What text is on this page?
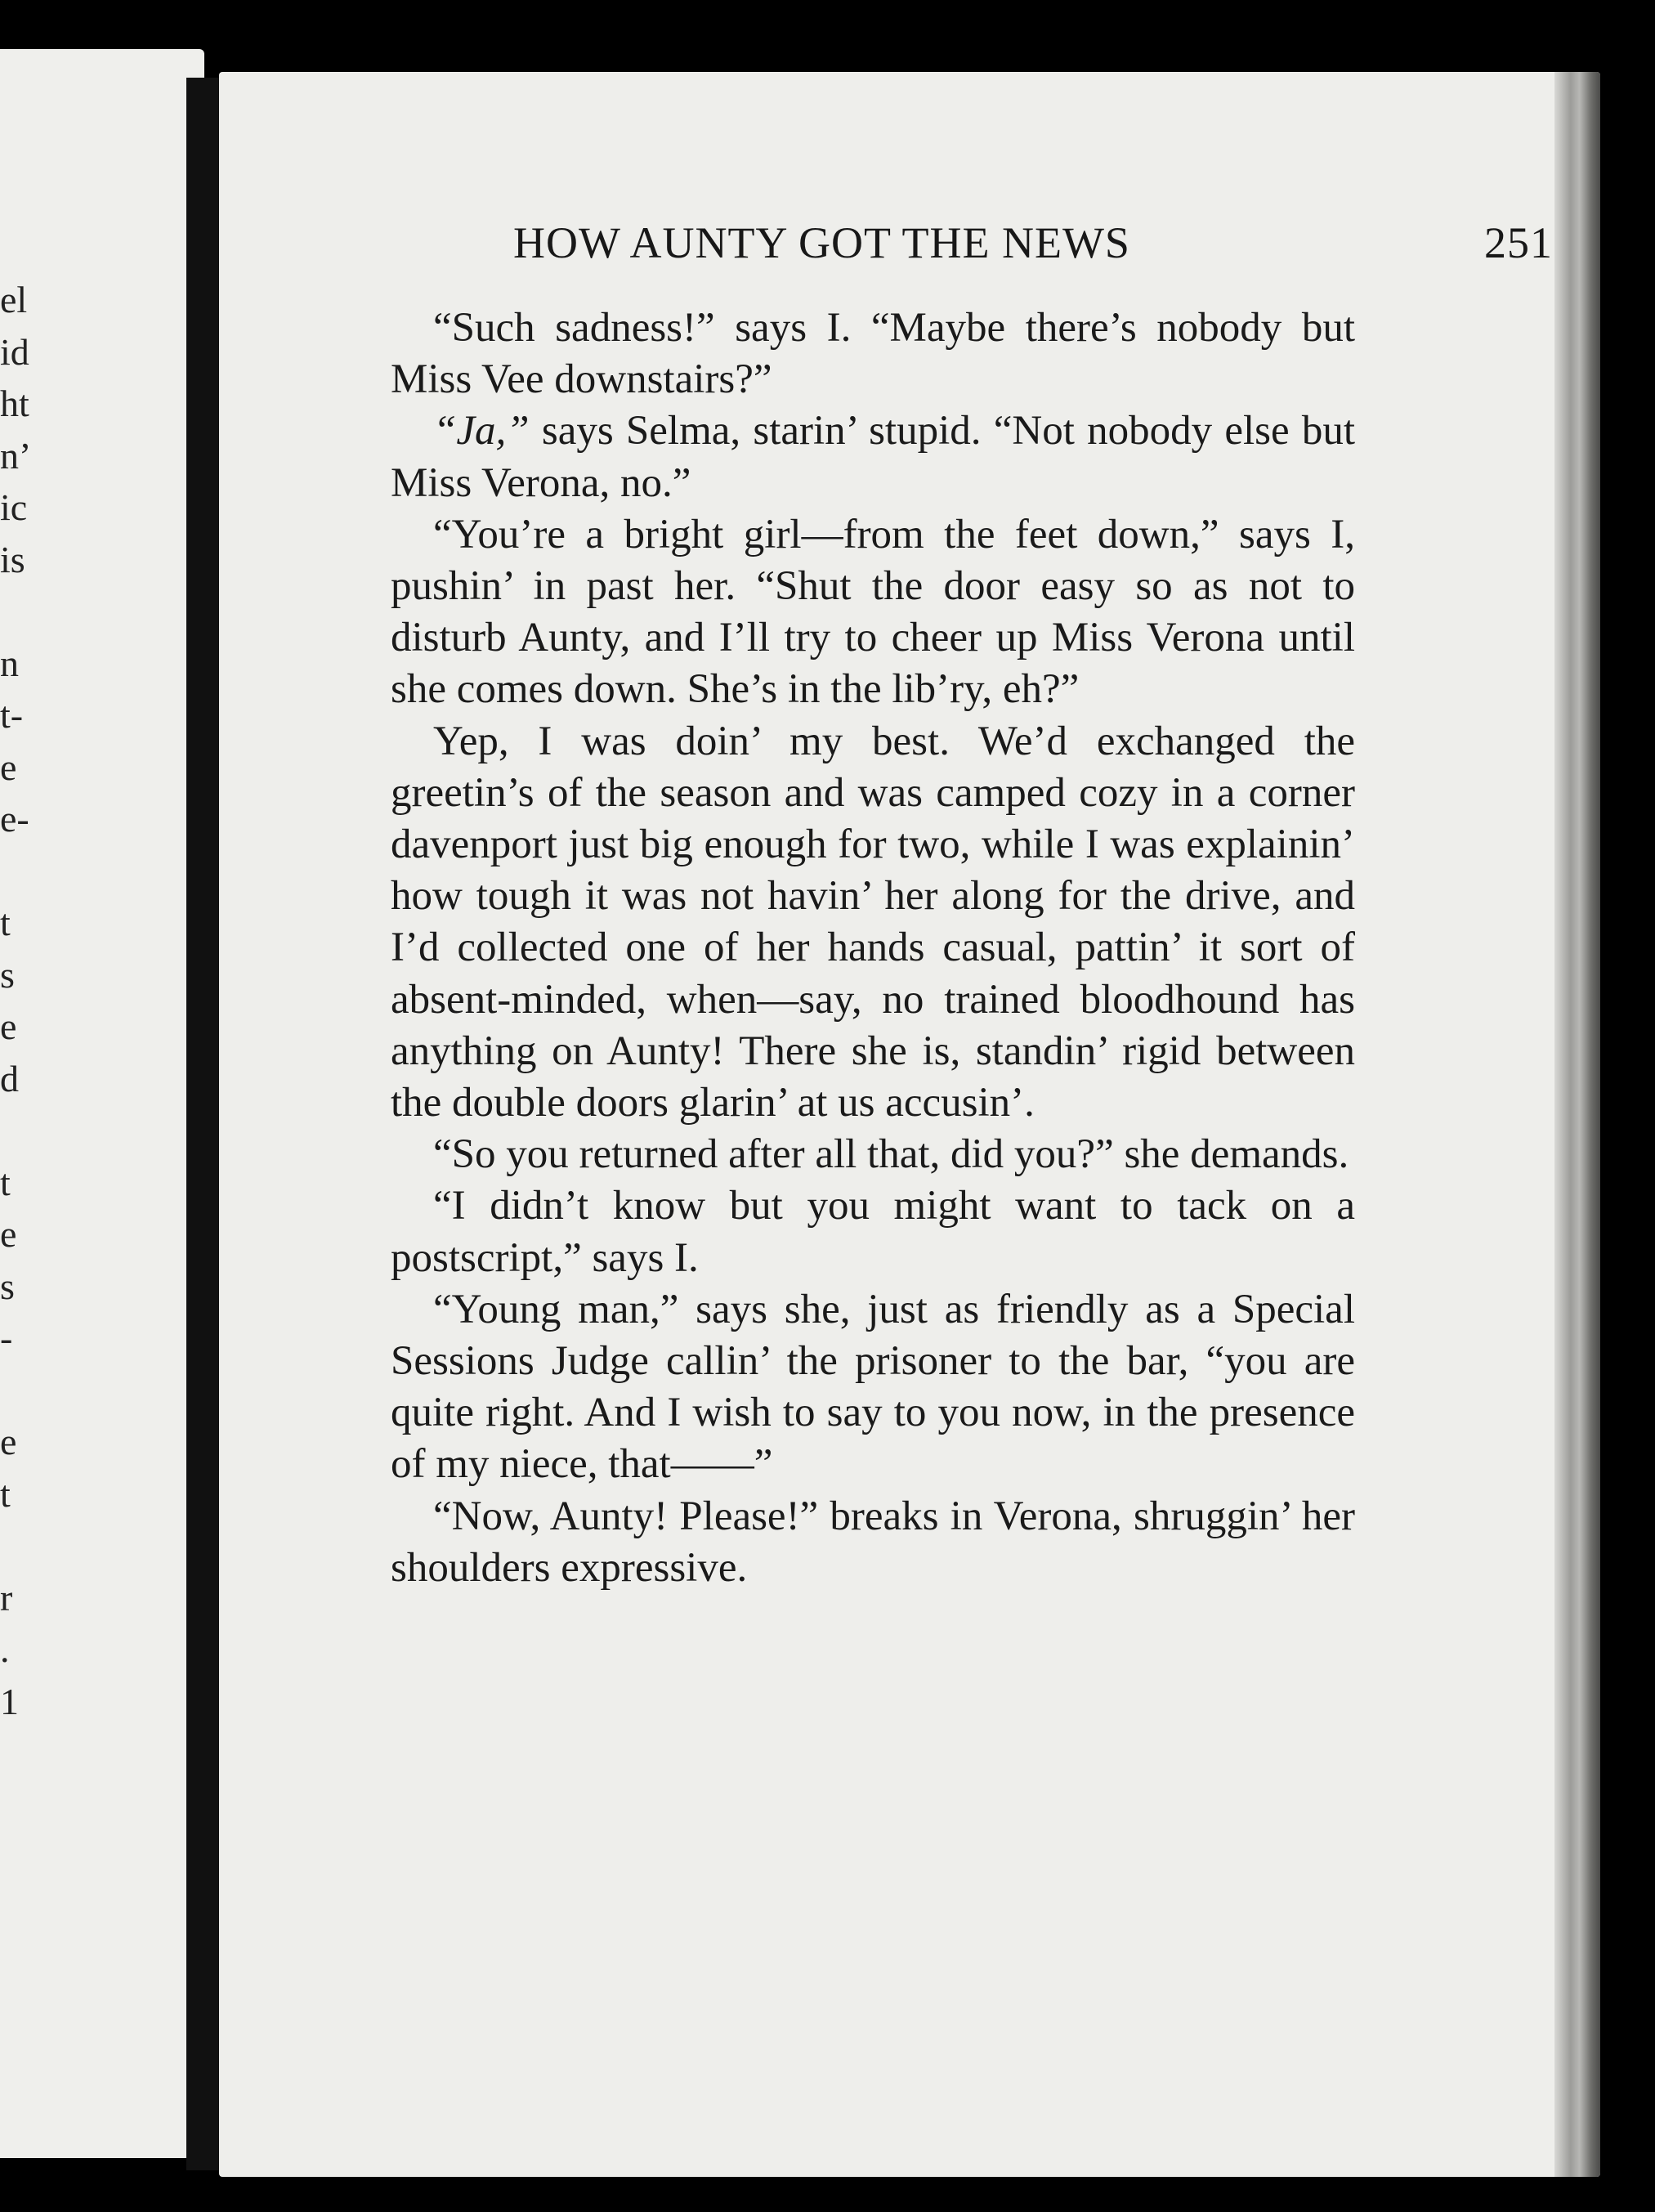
el
id
ht
n’
ic
is
n
t-
e
e-
t
s
e
d
t
e
s
-
e
t
r
.
1
HOW AUNTY GOT THE NEWS	251

“Such sadness!” says I. “Maybe there’s nobody but Miss Vee downstairs?”

“Ja,” says Selma, starin’ stupid. “Not nobody else but Miss Verona, no.”

“You’re a bright girl—from the feet down,” says I, pushin’ in past her. “Shut the door easy so as not to disturb Aunty, and I’ll try to cheer up Miss Verona until she comes down. She’s in the lib’ry, eh?”

Yep, I was doin’ my best. We’d exchanged the greetin’s of the season and was camped cozy in a corner davenport just big enough for two, while I was explainin’ how tough it was not havin’ her along for the drive, and I’d collected one of her hands casual, pattin’ it sort of absent-minded, when—say, no trained bloodhound has anything on Aunty! There she is, standin’ rigid between the double doors glarin’ at us accusin’.

“So you returned after all that, did you?” she demands.

“I didn’t know but you might want to tack on a postscript,” says I.

“Young man,” says she, just as friendly as a Special Sessions Judge callin’ the prisoner to the bar, “you are quite right. And I wish to say to you now, in the presence of my niece, that——”

“Now, Aunty! Please!” breaks in Verona, shruggin’ her shoulders expressive.
